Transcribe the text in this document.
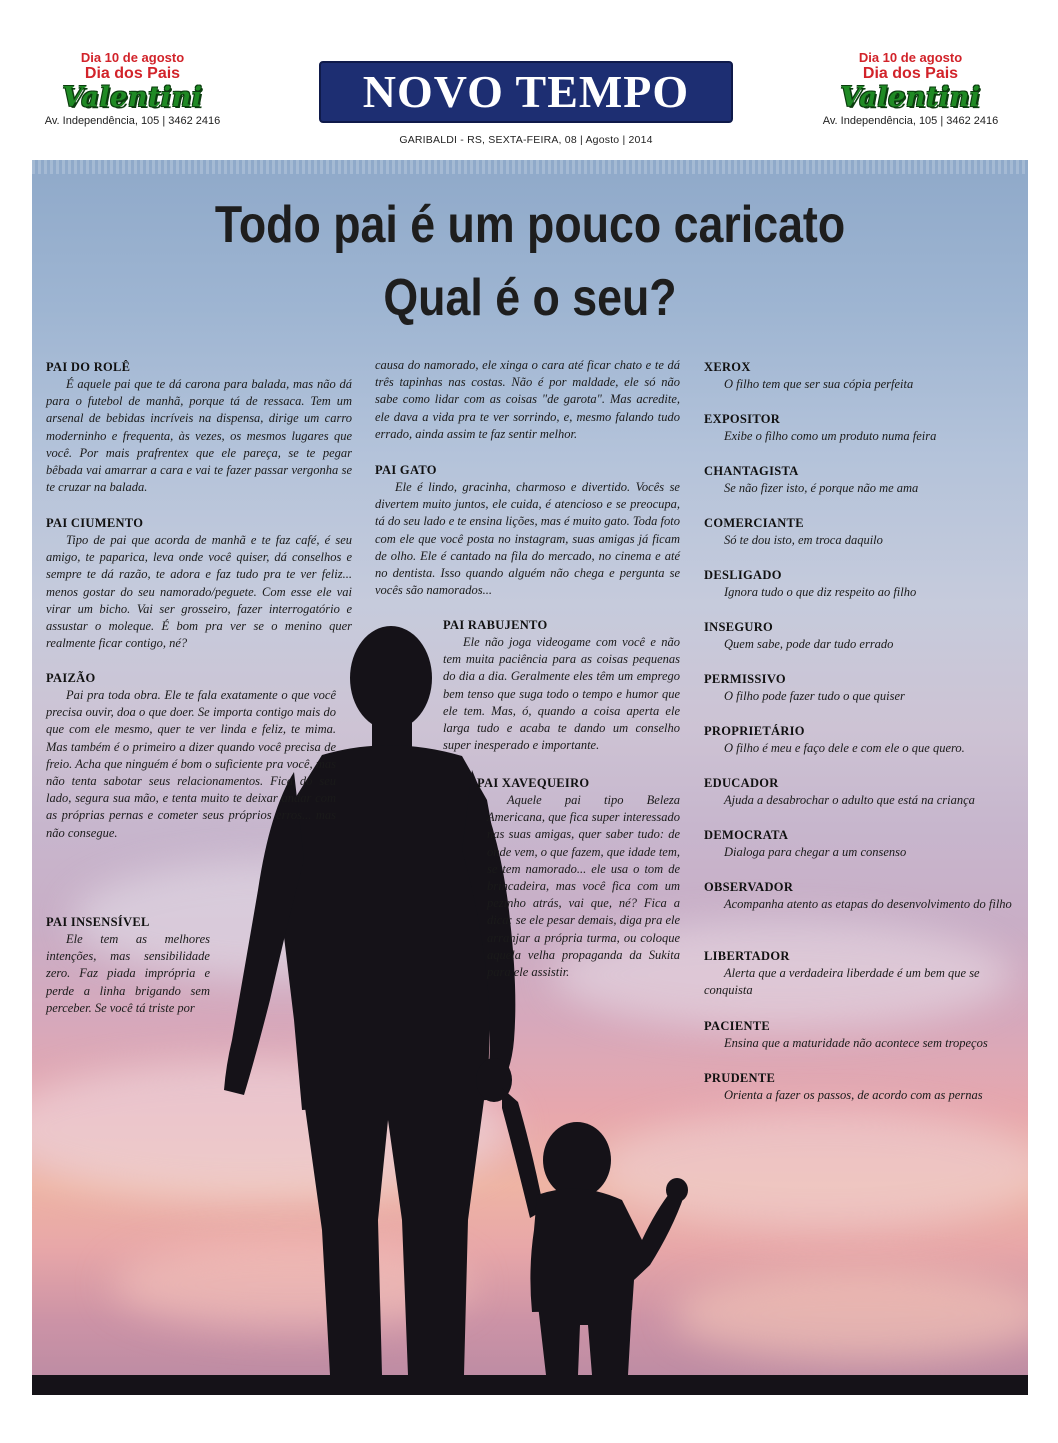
Dia 10 de agosto
Dia dos Pais
Valentini
Av. Independência, 105 | 3462 2416
NOVO TEMPO
GARIBALDI - RS, SEXTA-FEIRA, 08 | Agosto | 2014
Dia 10 de agosto
Dia dos Pais
Valentini
Av. Independência, 105 | 3462 2416
Todo pai é um pouco caricato
Qual é o seu?
PAI DO ROLÊ

É aquele pai que te dá carona para balada, mas não dá para o futebol de manhã, porque tá de ressaca. Tem um arsenal de bebidas incríveis na dispensa, dirige um carro moderninho e frequenta, às vezes, os mesmos lugares que você. Por mais prafrentex que ele pareça, se te pegar bêbada vai amarrar a cara e vai te fazer passar vergonha se te cruzar na balada.

PAI CIUMENTO

Tipo de pai que acorda de manhã e te faz café, é seu amigo, te paparica, leva onde você quiser, dá conselhos e sempre te dá razão, te adora e faz tudo pra te ver feliz... menos gostar do seu namorado/peguete. Com esse ele vai virar um bicho. Vai ser grosseiro, fazer interrogatório e assustar o moleque. É bom pra ver se o menino quer realmente ficar contigo, né?

PAIZÃO

Pai pra toda obra. Ele te fala exatamente o que você precisa ouvir, doa o que doer. Se importa contigo mais do que com ele mesmo, quer te ver linda e feliz, te mima. Mas também é o primeiro a dizer quando você precisa de freio. Acha que ninguém é bom o suficiente pra você, mas não tenta sabotar seus relacionamentos. Fica do seu lado, segura sua mão, e tenta muito te deixar andar com as próprias pernas e cometer seus próprios erros... mas não consegue.

PAI INSENSÍVEL

Ele tem as melhores intenções, mas sensibilidade zero. Faz piada imprópria e perde a linha brigando sem perceber. Se você tá triste por

causa do namorado, ele xinga o cara até ficar chato e te dá três tapinhas nas costas. Não é por maldade, ele só não sabe como lidar com as coisas "de garota". Mas acredite, ele dava a vida pra te ver sorrindo, e, mesmo falando tudo errado, ainda assim te faz sentir melhor.

PAI GATO

Ele é lindo, gracinha, charmoso e divertido. Vocês se divertem muito juntos, ele cuida, é atencioso e se preocupa, tá do seu lado e te ensina lições, mas é muito gato. Toda foto com ele que você posta no instagram, suas amigas já ficam de olho. Ele é cantado na fila do mercado, no cinema e até no dentista. Isso quando alguém não chega e pergunta se vocês são namorados...

PAI RABUJENTO

Ele não joga videogame com você e não tem muita paciência para as coisas pequenas do dia a dia. Geralmente eles têm um emprego bem tenso que suga todo o tempo e humor que ele tem. Mas, ó, quando a coisa aperta ele larga tudo e acaba te dando um conselho super inesperado e importante.

PAI XAVEQUEIRO

Aquele pai tipo Beleza Americana, que fica super interessado nas suas amigas, quer saber tudo: de onde vem, o que fazem, que idade tem, se tem namorado... ele usa o tom de brincadeira, mas você fica com um pezinho atrás, vai que, né? Fica a dica: se ele pesar demais, diga pra ele arranjar a própria turma, ou coloque aquela velha propaganda da Sukita para ele assistir.

XEROX
O filho tem que ser sua cópia perfeita
EXPOSITOR
Exibe o filho como um produto numa feira
CHANTAGISTA
Se não fizer isto, é porque não me ama
COMERCIANTE
Só te dou isto, em troca daquilo
DESLIGADO
Ignora tudo o que diz respeito ao filho
INSEGURO
Quem sabe, pode dar tudo errado
PERMISSIVO
O filho pode fazer tudo o que quiser
PROPRIETÁRIO
O filho é meu e faço dele e com ele o que quero.
EDUCADOR
Ajuda a desabrochar o adulto que está na criança
DEMOCRATA
Dialoga para chegar a um consenso
OBSERVADOR
Acompanha atento as etapas do desenvolvimento do filho
LIBERTADOR
Alerta que a verdadeira liberdade é um bem que se conquista
PACIENTE
Ensina que a maturidade não acontece sem tropeços
PRUDENTE
Orienta a fazer os passos, de acordo com as pernas
